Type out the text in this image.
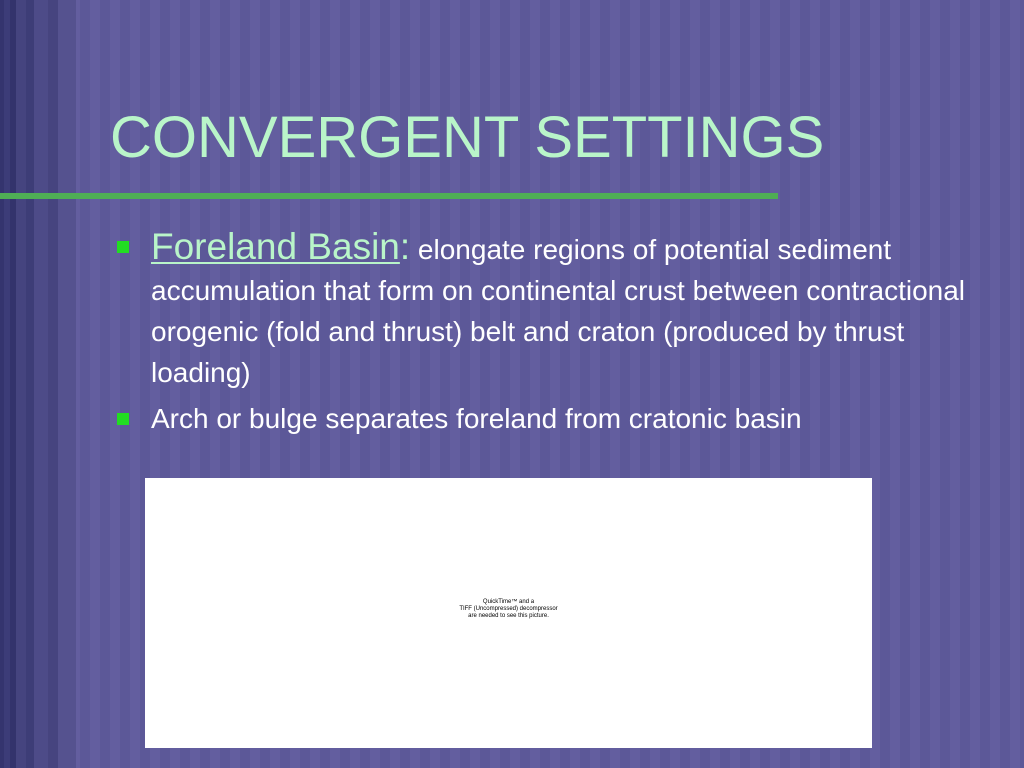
CONVERGENT SETTINGS
Foreland Basin: elongate regions of potential sediment accumulation that form on continental crust between contractional orogenic (fold and thrust) belt and craton (produced by thrust loading)
Arch or bulge separates foreland from cratonic basin
QuickTime™ and a
TIFF (Uncompressed) decompressor
are needed to see this picture.
